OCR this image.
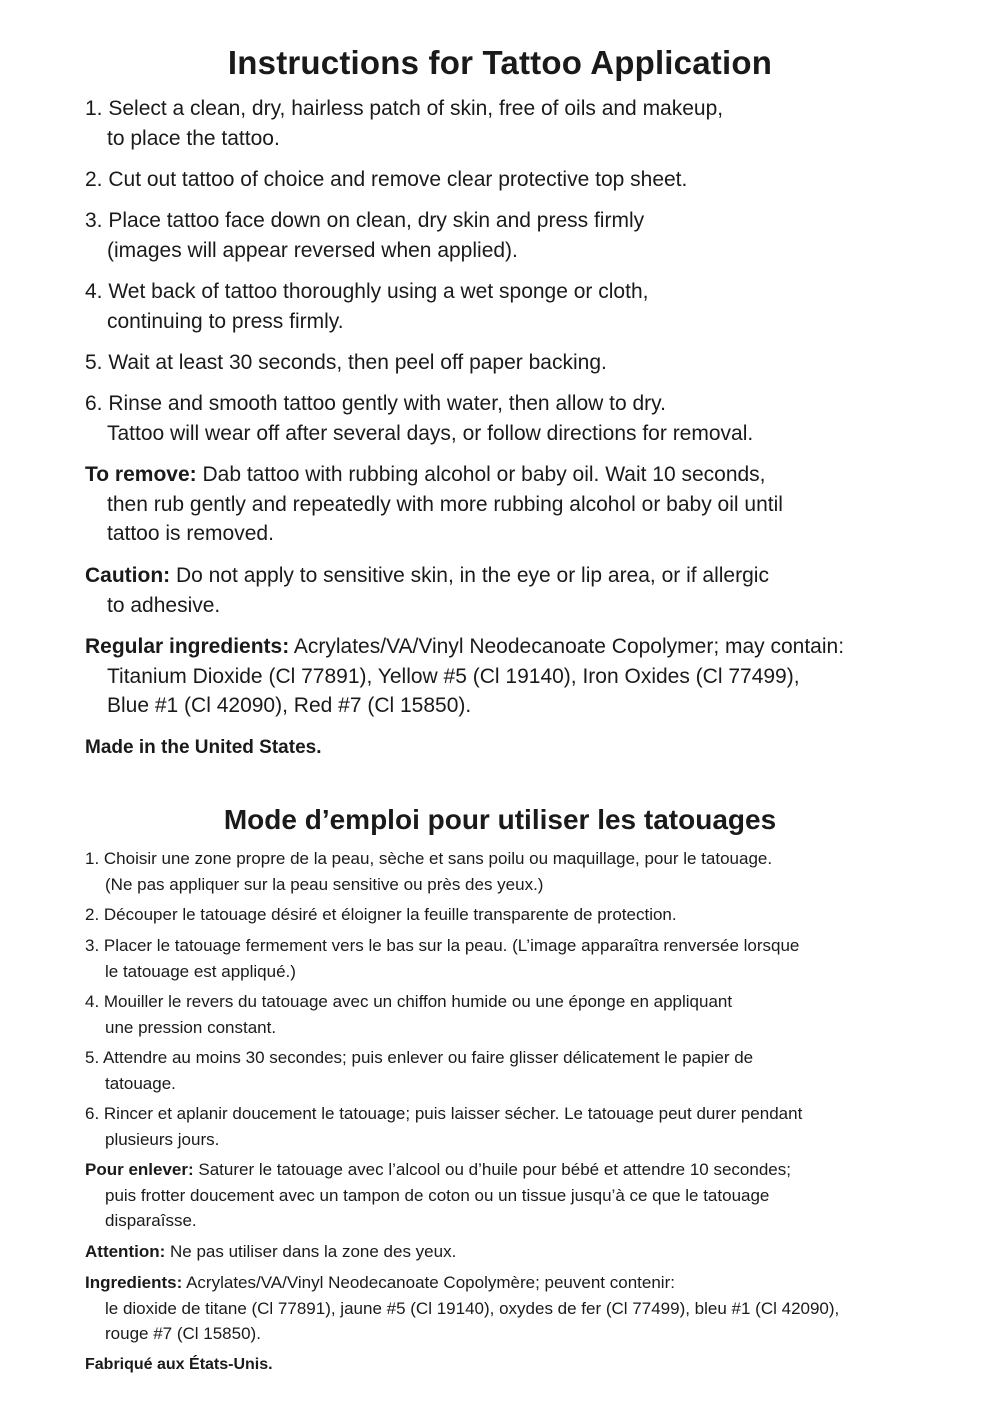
Instructions for Tattoo Application

1. Select a clean, dry, hairless patch of skin, free of oils and makeup,
to place the tattoo.

2. Cut out tattoo of choice and remove clear protective top sheet.

3. Place tattoo face down on clean, dry skin and press firmly
(images will appear reversed when applied).

4. Wet back of tattoo thoroughly using a wet sponge or cloth,
continuing to press firmly.

5. Wait at least 30 seconds, then peel off paper backing.

6. Rinse and smooth tattoo gently with water, then allow to dry.
Tattoo will wear off after several days, or follow directions for removal.

To remove: Dab tattoo with rubbing alcohol or baby oil. Wait 10 seconds,
then rub gently and repeatedly with more rubbing alcohol or baby oil until
tattoo is removed.

Caution: Do not apply to sensitive skin, in the eye or lip area, or if allergic
to adhesive.

Regular ingredients: Acrylates/VA/Vinyl Neodecanoate Copolymer; may contain:
Titanium Dioxide (Cl 77891), Yellow #5 (Cl 19140), Iron Oxides (Cl 77499),
Blue #1 (Cl 42090), Red #7 (Cl 15850).

Made in the United States.

Mode d’emploi pour utiliser les tatouages

1. Choisir une zone propre de la peau, sèche et sans poilu ou maquillage, pour le tatouage.
(Ne pas appliquer sur la peau sensitive ou près des yeux.)

2. Découper le tatouage désiré et éloigner la feuille transparente de protection.

3. Placer le tatouage fermement vers le bas sur la peau. (L’image apparaîtra renversée lorsque
le tatouage est appliqué.)

4. Mouiller le revers du tatouage avec un chiffon humide ou une éponge en appliquant
une pression constant.

5. Attendre au moins 30 secondes; puis enlever ou faire glisser délicatement le papier de
tatouage.

6. Rincer et aplanir doucement le tatouage; puis laisser sécher. Le tatouage peut durer pendant
plusieurs jours.

Pour enlever: Saturer le tatouage avec l’alcool ou d’huile pour bébé et attendre 10 secondes;
puis frotter doucement avec un tampon de coton ou un tissue jusqu’à ce que le tatouage
disparaîsse.

Attention: Ne pas utiliser dans la zone des yeux.

Ingredients: Acrylates/VA/Vinyl Neodecanoate Copolymère; peuvent contenir:
le dioxide de titane (Cl 77891), jaune #5 (Cl 19140), oxydes de fer (Cl 77499), bleu #1 (Cl 42090),
rouge #7 (Cl 15850).

Fabriqué aux États-Unis.
